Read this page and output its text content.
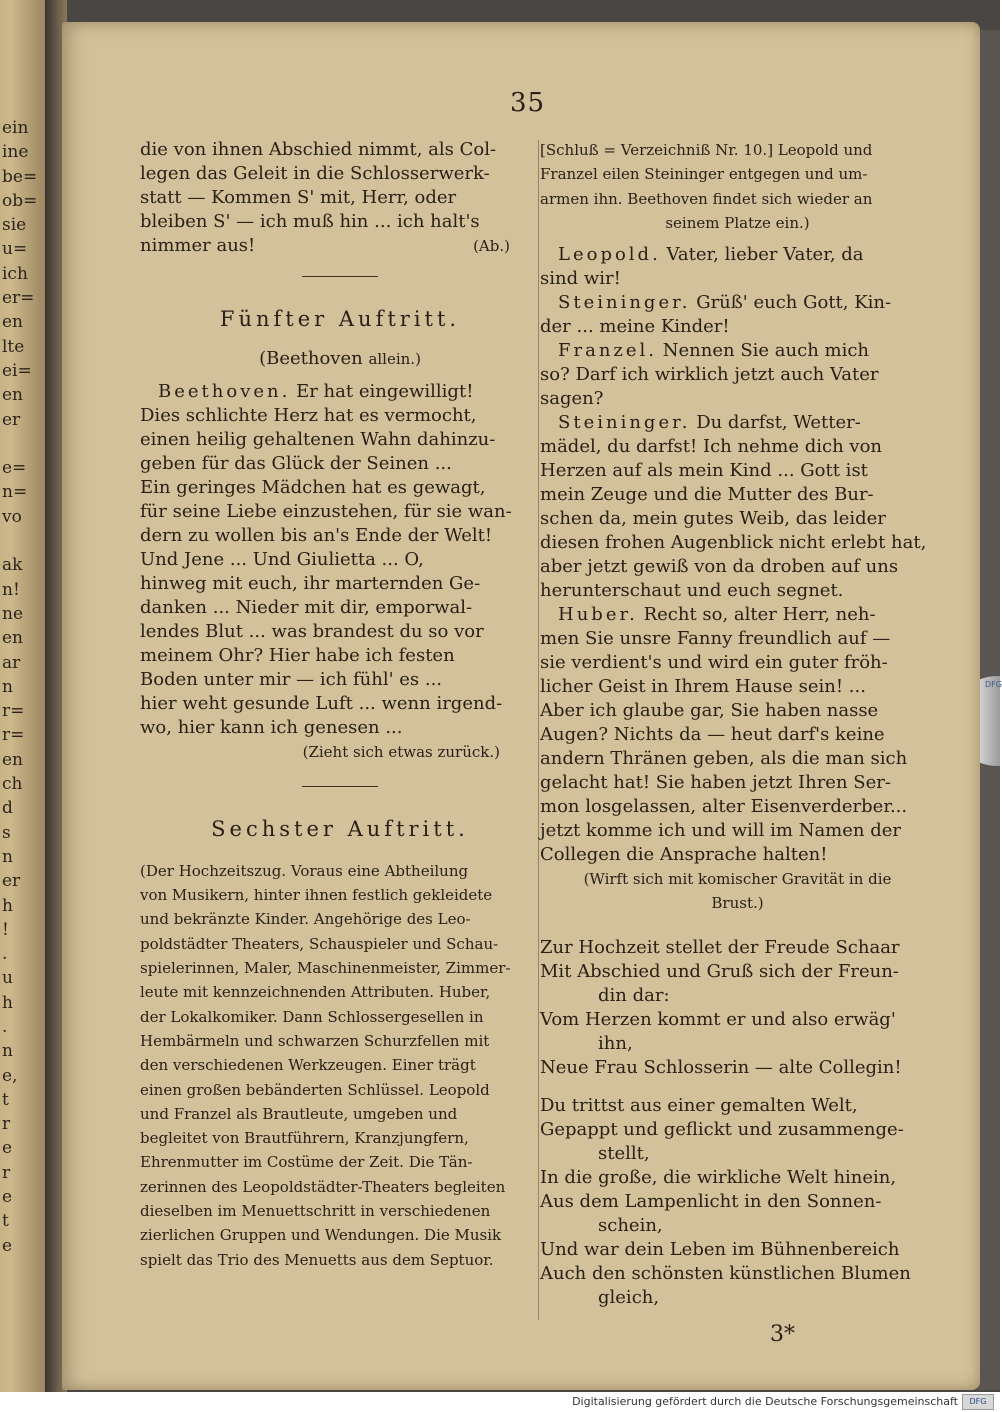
ein
ine
be=
ob=
sie
u=
ich
er=
en
lte
ei=
en
er
e=
n=
vo
ak
n!
ne
en
ar
n
r=
r=
en
ch
d
s
n
er
h
!
.
u
h
.
n
e,
t
r
e
r
e
t
e
35
die von ihnen Abschied nimmt, als Col-
legen das Geleit in die Schlosserwerk-
statt — Kommen S' mit, Herr, oder
bleiben S' — ich muß hin ... ich halt's
nimmer aus!	(Ab.)
Fünfter Auftritt.
(Beethoven allein.)
Beethoven. Er hat eingewilligt!
Dies schlichte Herz hat es vermocht,
einen heilig gehaltenen Wahn dahinzu-
geben für das Glück der Seinen ...
Ein geringes Mädchen hat es gewagt,
für seine Liebe einzustehen, für sie wan-
dern zu wollen bis an's Ende der Welt!
Und Jene ... Und Giulietta ... O,
hinweg mit euch, ihr marternden Ge-
danken ... Nieder mit dir, emporwal-
lendes Blut ... was brandest du so vor
meinem Ohr? Hier habe ich festen
Boden unter mir — ich fühl' es ...
hier weht gesunde Luft ... wenn irgend-
wo, hier kann ich genesen ...
(Zieht sich etwas zurück.)
Sechster Auftritt.
(Der Hochzeitszug. Voraus eine Abtheilung
von Musikern, hinter ihnen festlich gekleidete
und bekränzte Kinder. Angehörige des Leo-
poldstädter Theaters, Schauspieler und Schau-
spielerinnen, Maler, Maschinenmeister, Zimmer-
leute mit kennzeichnenden Attributen. Huber,
der Lokalkomiker. Dann Schlossergesellen in
Hembärmeln und schwarzen Schurzfellen mit
den verschiedenen Werkzeugen. Einer trägt
einen großen bebänderten Schlüssel. Leopold
und Franzel als Brautleute, umgeben und
begleitet von Brautführern, Kranzjungfern,
Ehrenmutter im Costüme der Zeit. Die Tän-
zerinnen des Leopoldstädter-Theaters begleiten
dieselben im Menuettschritt in verschiedenen
zierlichen Gruppen und Wendungen. Die Musik
spielt das Trio des Menuetts aus dem Septuor.
[Schluß = Verzeichniß Nr. 10.] Leopold und
Franzel eilen Steininger entgegen und um-
armen ihn. Beethoven findet sich wieder an
seinem Platze ein.)
Leopold. Vater, lieber Vater, da
sind wir!
Steininger. Grüß' euch Gott, Kin-
der ... meine Kinder!
Franzel. Nennen Sie auch mich
so? Darf ich wirklich jetzt auch Vater
sagen?
Steininger. Du darfst, Wetter-
mädel, du darfst! Ich nehme dich von
Herzen auf als mein Kind ... Gott ist
mein Zeuge und die Mutter des Bur-
schen da, mein gutes Weib, das leider
diesen frohen Augenblick nicht erlebt hat,
aber jetzt gewiß von da droben auf uns
herunterschaut und euch segnet.
Huber. Recht so, alter Herr, neh-
men Sie unsre Fanny freundlich auf —
sie verdient's und wird ein guter fröh-
licher Geist in Ihrem Hause sein! ...
Aber ich glaube gar, Sie haben nasse
Augen? Nichts da — heut darf's keine
andern Thränen geben, als die man sich
gelacht hat! Sie haben jetzt Ihren Ser-
mon losgelassen, alter Eisenverderber...
jetzt komme ich und will im Namen der
Collegen die Ansprache halten!
(Wirft sich mit komischer Gravität in die
Brust.)
Zur Hochzeit stellet der Freude Schaar
Mit Abschied und Gruß sich der Freun-
din dar:
Vom Herzen kommt er und also erwäg'
ihn,
Neue Frau Schlosserin — alte Collegin!
Du trittst aus einer gemalten Welt,
Gepappt und geflickt und zusammenge-
stellt,
In die große, die wirkliche Welt hinein,
Aus dem Lampenlicht in den Sonnen-
schein,
Und war dein Leben im Bühnenbereich
Auch den schönsten künstlichen Blumen
gleich,
3*
DFG
Digitalisierung gefördert durch die Deutsche Forschungsgemeinschaft	DFG
